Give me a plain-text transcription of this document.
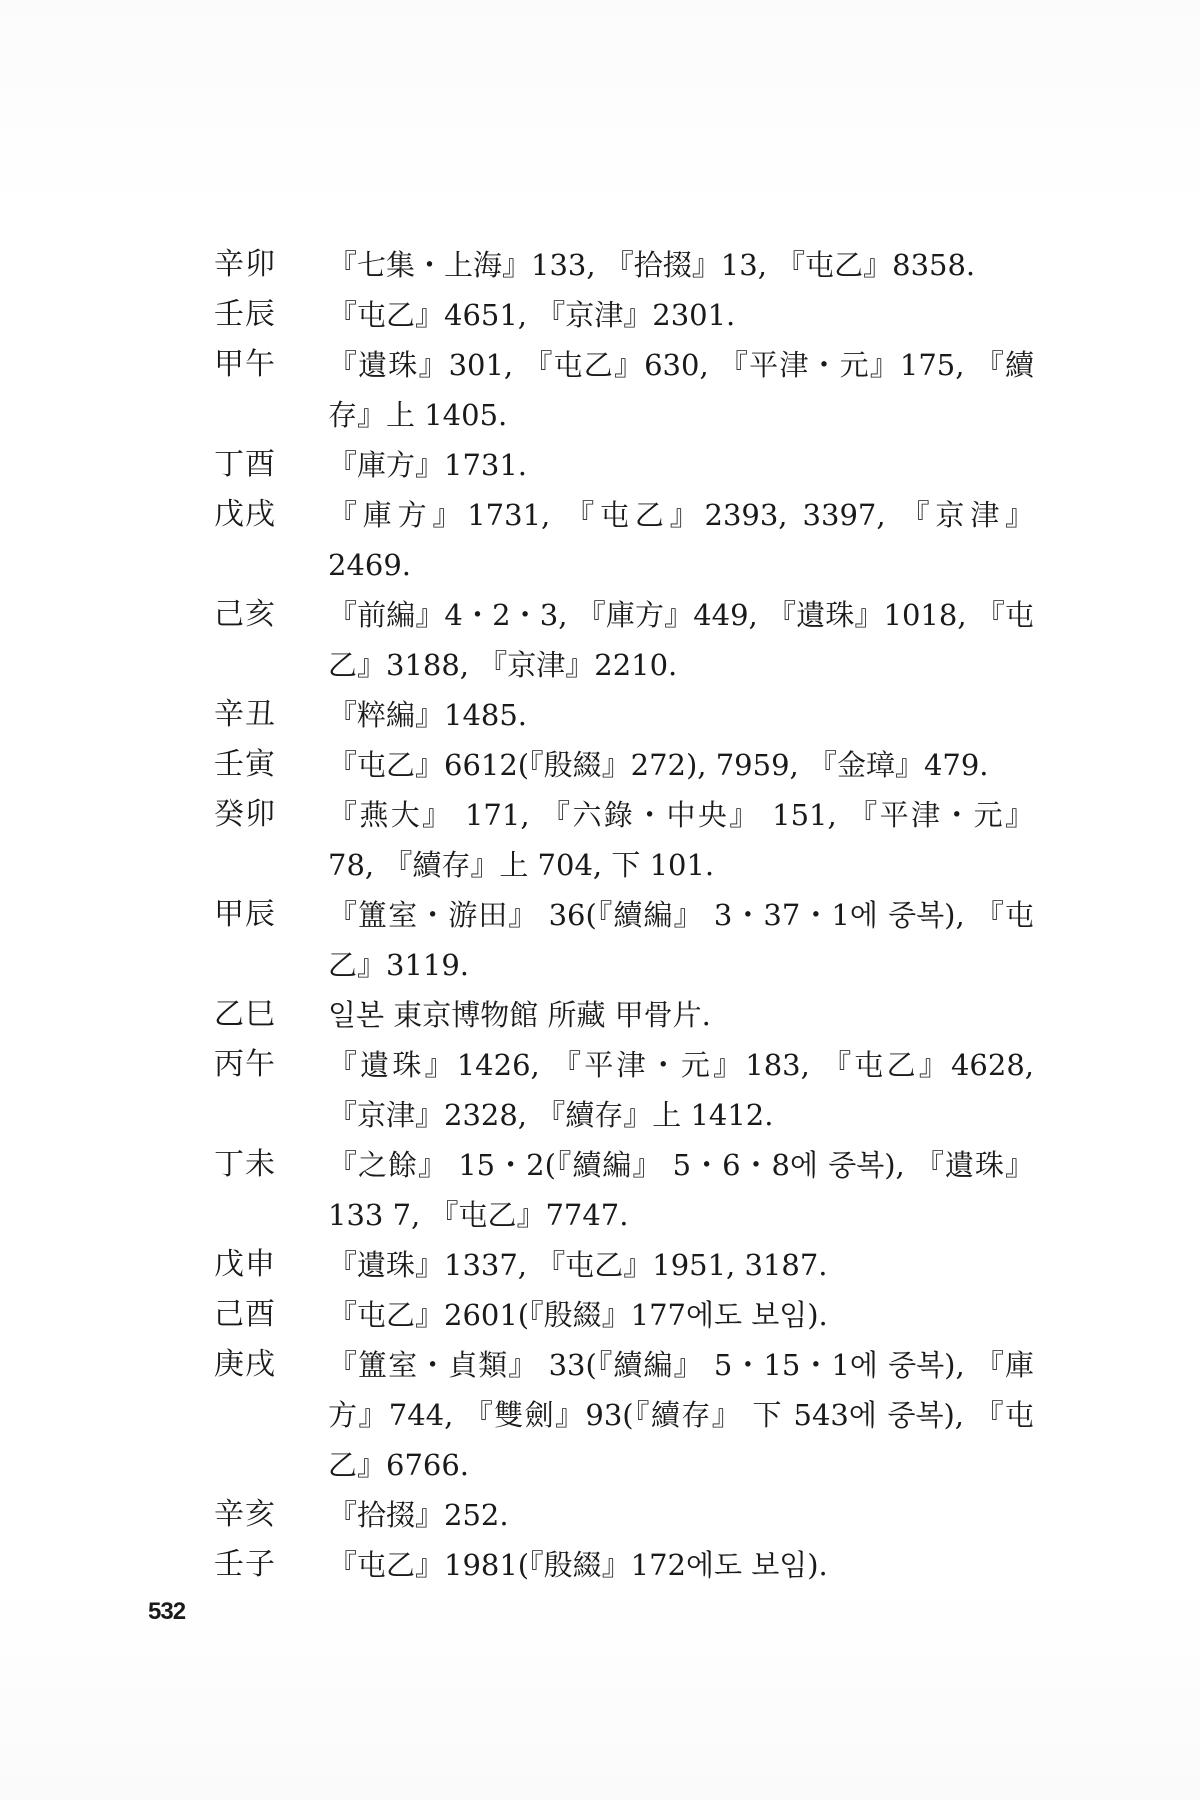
辛卯	『七集・上海』133, 『拾掇』13, 『屯乙』8358.
壬辰	『屯乙』4651, 『京津』2301.
甲午	『遺珠』301, 『屯乙』630, 『平津・元』175, 『續存』上 1405.
丁酉	『庫方』1731.
戊戌	『庫方』1731, 『屯乙』2393, 3397, 『京津』2469.
己亥	『前編』4・2・3, 『庫方』449, 『遺珠』1018, 『屯乙』3188, 『京津』2210.
辛丑	『粹編』1485.
壬寅	『屯乙』6612(『殷綴』272), 7959, 『金璋』479.
癸卯	『燕大』 171, 『六錄・中央』 151, 『平津・元』 78, 『續存』上 704, 下 101.
甲辰	『簠室・游田』 36(『續編』 3・37・1에 중복), 『屯乙』3119.
乙巳	일본 東京博物館 所藏 甲骨片.
丙午	『遺珠』1426, 『平津・元』183, 『屯乙』4628, 『京津』2328, 『續存』上 1412.
丁未	『之餘』 15・2(『續編』 5・6・8에 중복), 『遺珠』133 7, 『屯乙』7747.
戊申	『遺珠』1337, 『屯乙』1951, 3187.
己酉	『屯乙』2601(『殷綴』177에도 보임).
庚戌	『簠室・貞類』 33(『續編』 5・15・1에 중복), 『庫方』744, 『雙劍』93(『續存』 下 543에 중복), 『屯乙』6766.
辛亥	『拾掇』252.
壬子	『屯乙』1981(『殷綴』172에도 보임).
532
